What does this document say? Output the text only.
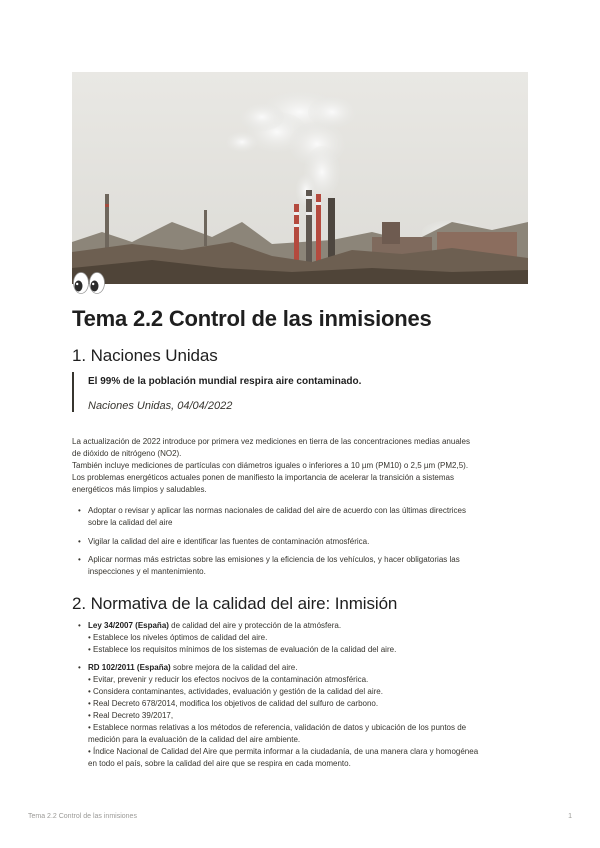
Tema 2.2 Control de las inmisiones
1. Naciones Unidas
El 99% de la población mundial respira aire contaminado.
Naciones Unidas, 04/04/2022
La actualización de 2022 introduce por primera vez mediciones en tierra de las concentraciones medias anuales
de dióxido de nitrógeno (NO2).
También incluye mediciones de partículas con diámetros iguales o inferiores a 10 µm (PM10) o 2,5 µm (PM2,5).
Los problemas energéticos actuales ponen de manifiesto la importancia de acelerar la transición a sistemas
energéticos más limpios y saludables.
• Adoptar o revisar y aplicar las normas nacionales de calidad del aire de acuerdo con las últimas directrices
sobre la calidad del aire
• Vigilar la calidad del aire e identificar las fuentes de contaminación atmosférica.
• Aplicar normas más estrictas sobre las emisiones y la eficiencia de los vehículos, y hacer obligatorias las
inspecciones y el mantenimiento.
2. Normativa de la calidad del aire: Inmisión
• Ley 34/2007 (España) de calidad del aire y protección de la atmósfera.
• Establece los niveles óptimos de calidad del aire.
• Establece los requisitos mínimos de los sistemas de evaluación de la calidad del aire.
• RD 102/2011 (España) sobre mejora de la calidad del aire.
• Evitar, prevenir y reducir los efectos nocivos de la contaminación atmosférica.
• Considera contaminantes, actividades, evaluación y gestión de la calidad del aire.
• Real Decreto 678/2014, modifica los objetivos de calidad del sulfuro de carbono.
• Real Decreto 39/2017,
• Establece normas relativas a los métodos de referencia, validación de datos y ubicación de los puntos de
medición para la evaluación de la calidad del aire ambiente.
• Índice Nacional de Calidad del Aire que permita informar a la ciudadanía, de una manera clara y homogénea
en todo el país, sobre la calidad del aire que se respira en cada momento.
Tema 2.2 Control de las inmisiones	1
